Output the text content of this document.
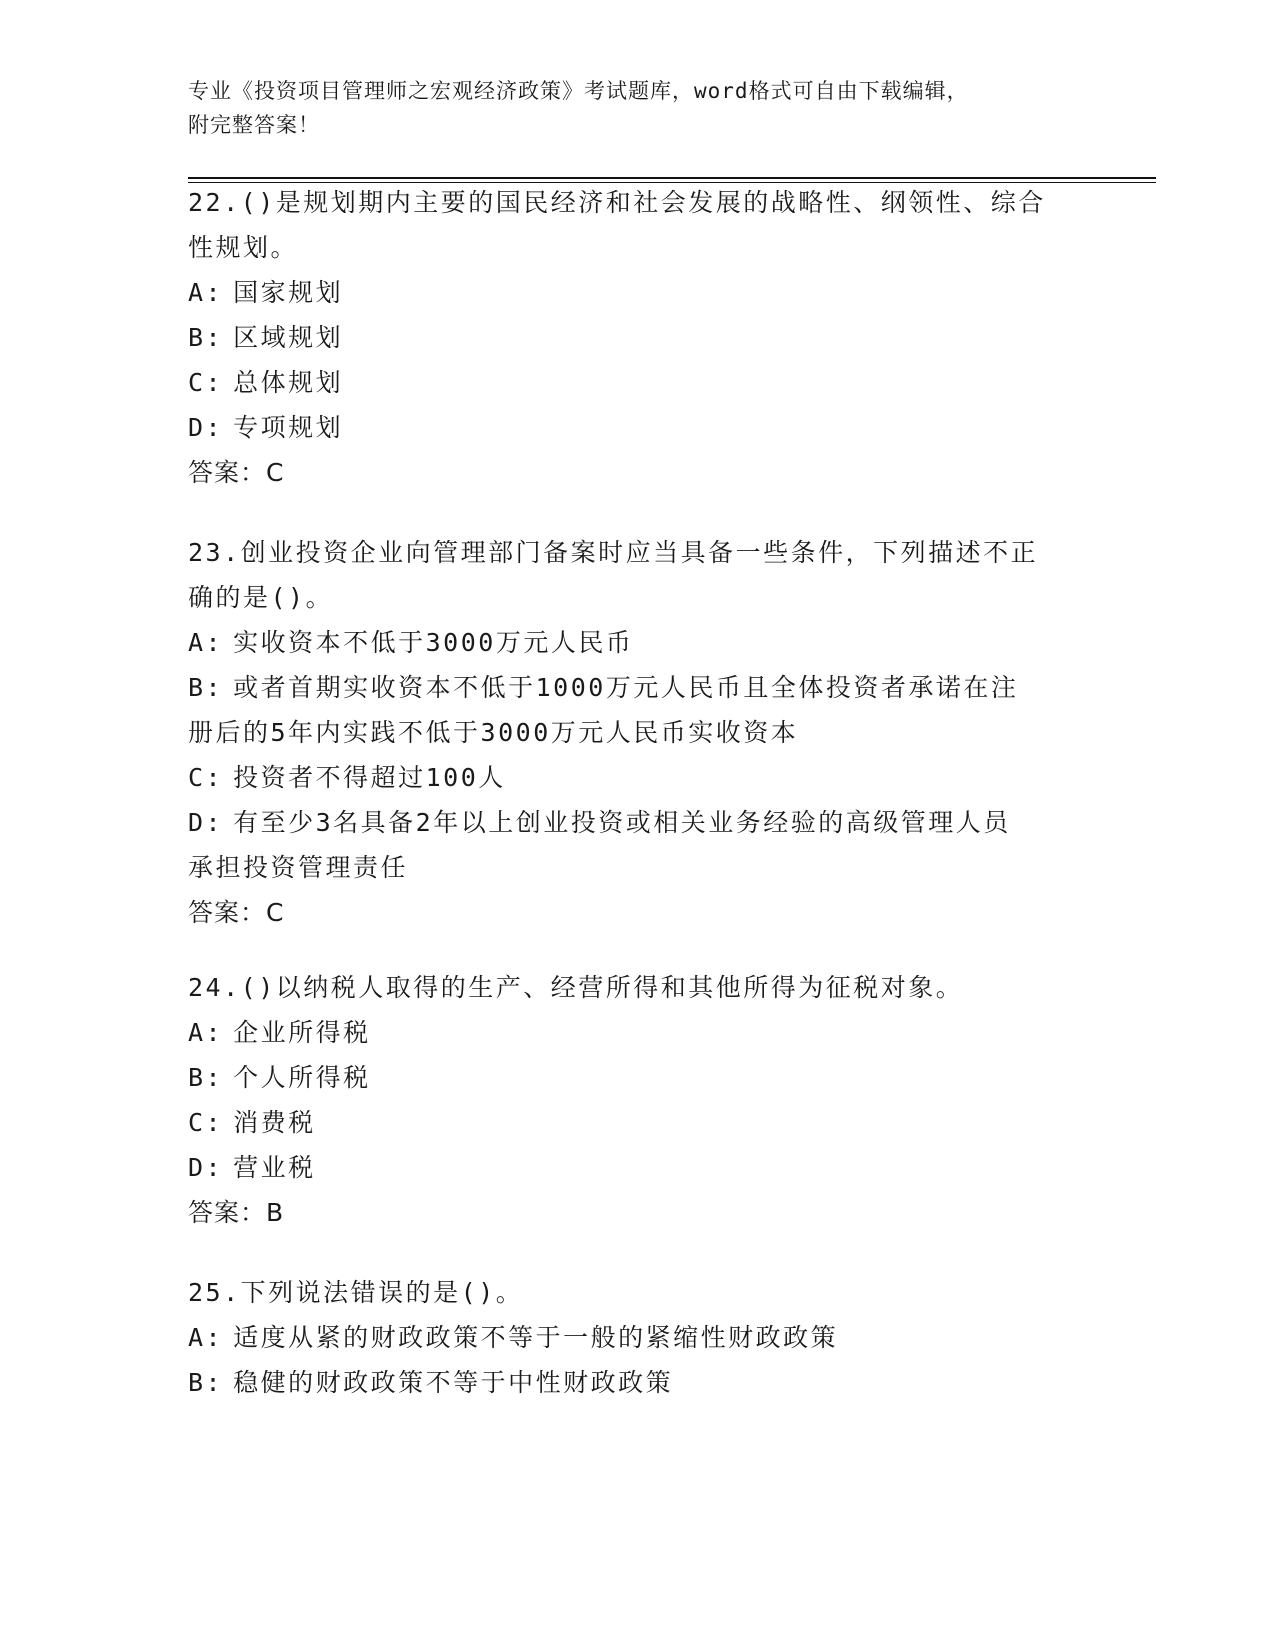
专业《投资项目管理师之宏观经济政策》考试题库，word格式可自由下载编辑，
附完整答案！

22.()是规划期内主要的国民经济和社会发展的战略性、纲领性、综合

性规划。

A: 国家规划

B: 区域规划

C: 总体规划

D: 专项规划

答案：C

23.创业投资企业向管理部门备案时应当具备一些条件，下列描述不正

确的是()。

A: 实收资本不低于3000万元人民币

B: 或者首期实收资本不低于1000万元人民币且全体投资者承诺在注

册后的5年内实践不低于3000万元人民币实收资本

C: 投资者不得超过100人

D: 有至少3名具备2年以上创业投资或相关业务经验的高级管理人员

承担投资管理责任

答案：C

24.()以纳税人取得的生产、经营所得和其他所得为征税对象。

A: 企业所得税

B: 个人所得税

C: 消费税

D: 营业税

答案：B

25.下列说法错误的是()。

A: 适度从紧的财政政策不等于一般的紧缩性财政政策

B: 稳健的财政政策不等于中性财政政策
